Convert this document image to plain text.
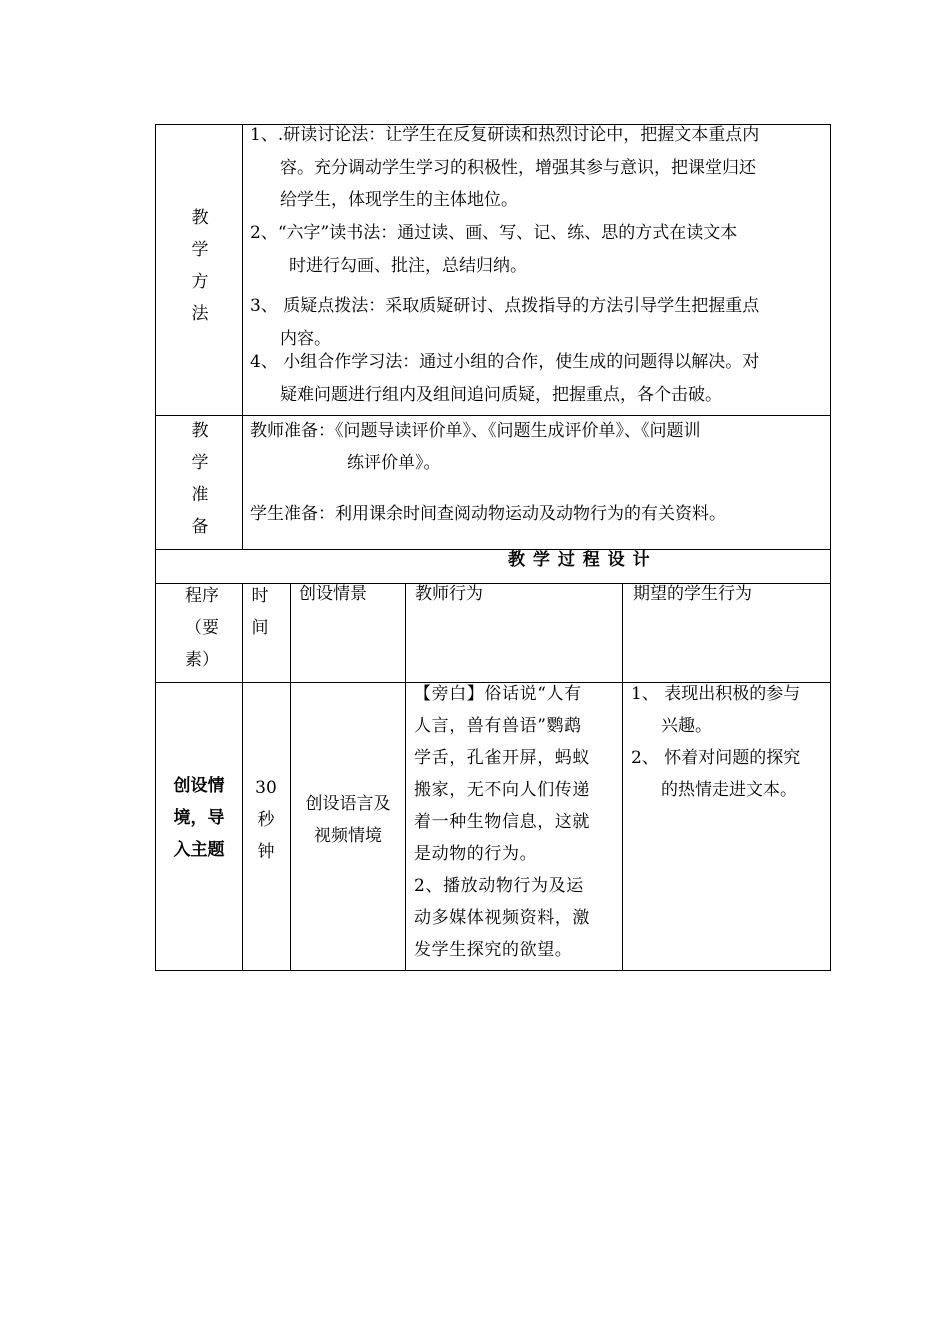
教
学
方
法
1、.研读讨论法：让学生在反复研读和热烈讨论中，把握文本重点内
容。充分调动学生学习的积极性，增强其参与意识，把课堂归还
给学生，体现学生的主体地位。
2、“六字”读书法：通过读、画、写、记、练、思的方式在读文本
时进行勾画、批注，总结归纳。
3、 质疑点拨法：采取质疑研讨、点拨指导的方法引导学生把握重点
内容。
4、 小组合作学习法：通过小组的合作，使生成的问题得以解决。对
疑难问题进行组内及组间追问质疑，把握重点，各个击破。
教
学
准
备
教师准备：《问题导读评价单》、《问题生成评价单》、《问题训
练评价单》。
学生准备：利用课余时间查阅动物运动及动物行为的有关资料。
教 学 过 程 设 计
程序
（要
素）
时
间
创设情景	教师行为	期望的学生行为
创设情
境，导
入主题
30
秒
钟
创设语言及
视频情境
【旁白】俗话说“人有
人言，兽有兽语”鹦鹉
学舌，孔雀开屏，蚂蚁
搬家，无不向人们传递
着一种生物信息，这就
是动物的行为。
2、播放动物行为及运
动多媒体视频资料，激
发学生探究的欲望。
1、 表现出积极的参与
兴趣。
2、 怀着对问题的探究
的热情走进文本。
